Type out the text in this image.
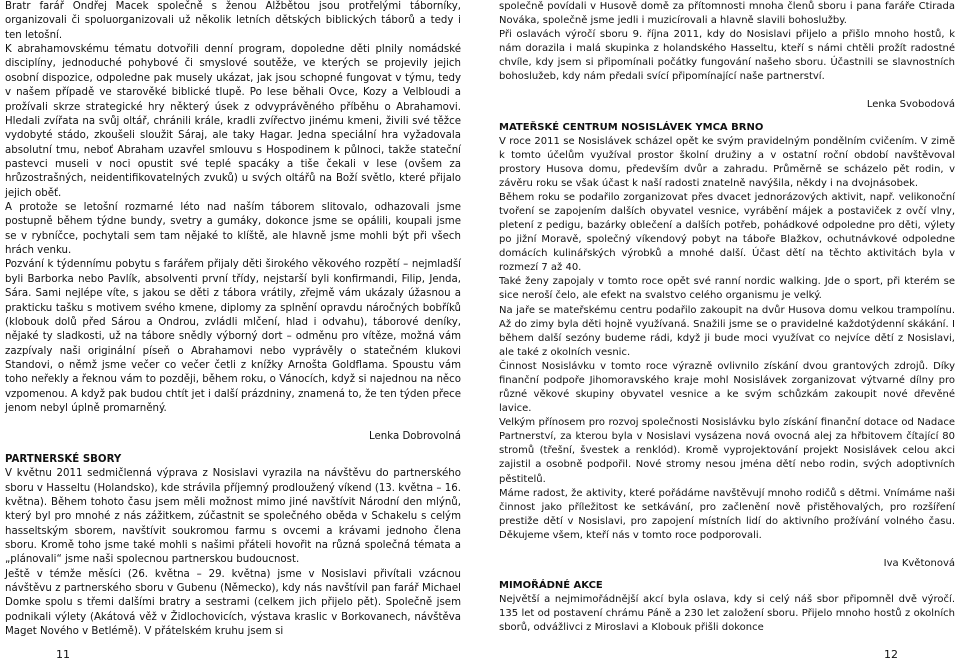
Bratr farář Ondřej Macek společně s ženou Alžbětou jsou protřelými táborníky, organizovali či spoluorganizovali už několik letních dětských biblických táborů a tedy i ten letošní.

K abrahamovskému tématu dotvořili denní program, dopoledne děti plnily nomádské disciplíny, jednoduché pohybové či smyslové soutěže, ve kterých se projevily jejich osobní dispozice, odpoledne pak musely ukázat, jak jsou schopné fungovat v týmu, tedy v našem případě ve starověké biblické tlupě. Po lese běhali Ovce, Kozy a Velbloudi a prožívali skrze strategické hry některý úsek z odvyprávěného příběhu o Abrahamovi. Hledali zvířata na svůj oltář, chránili krále, kradli zvířectvo jinému kmeni, živili své těžce vydobyté stádo, zkoušeli sloužit Sáraj, ale taky Hagar. Jedna speciální hra vyžadovala absolutní tmu, neboť Abraham uzavřel smlouvu s Hospodinem k půlnoci, takže stateční pastevci museli v noci opustit své teplé spacáky a tiše čekali v lese (ovšem za hrůzostrašných, neidentifikovatelných zvuků) u svých oltářů na Boží světlo, které přijalo jejich oběť.

A protože se letošní rozmarné léto nad naším táborem slitovalo, odhazovali jsme postupně během týdne bundy, svetry a gumáky, dokonce jsme se opálili, koupali jsme se v rybníčce, pochytali sem tam nějaké to klíště, ale hlavně jsme mohli být při všech hrách venku.

Pozvání k týdennímu pobytu s farářem přijaly děti širokého věkového rozpětí – nejmladší byli Barborka nebo Pavlík, absolventi první třídy, nejstarší byli konfirmandi, Filip, Jenda, Sára. Sami nejlépe víte, s jakou se děti z tábora vrátily, zřejmě vám ukázaly úžasnou a prakticku tašku s motivem svého kmene, diplomy za splnění opravdu náročných bobříků (klobouk dolů před Sárou a Ondrou, zvládli mlčení, hlad i odvahu), táborové deníky, nějaké ty sladkosti, už na tábore snědly výborný dort – odměnu pro vítěze, možná vám zazpívaly naši originální píseň o Abrahamovi nebo vyprávěly o statečném klukovi Standovi, o němž jsme večer co večer četli z knížky Arnošta Goldflama. Spoustu vám toho neřekly a řeknou vám to později, během roku, o Vánocích, když si najednou na něco vzpomenou. A když pak budou chtít jet i další prázdniny, znamená to, že ten týden přece jenom nebyl úplně promarněný.

Lenka Dobrovolná

PARTNERSKÉ SBORY

V květnu 2011 sedmičlenná výprava z Nosislavi vyrazila na návštěvu do partnerského sboru v Hasseltu (Holandsko), kde strávila příjemný prodloužený víkend (13. května – 16. května). Během tohoto času jsem měli možnost mimo jiné navštívit Národní den mlýnů, který byl pro mnohé z nás zážitkem, zúčastnit se společného oběda v Schakelu s celým hasseltským sborem, navštívit soukromou farmu s ovcemi a krávami jednoho člena sboru. Kromě toho jsme také mohli s našimi přáteli hovořit na různá společná témata a „plánovali“ jsme naši spolecnou partnerskou budoucnost.

Ještě v témže měsíci (26. května – 29. května) jsme v Nosislavi přivítali vzácnou návštěvu z partnerského sboru v Gubenu (Německo), kdy nás navštívil pan farář Michael Domke spolu s třemi dalšími bratry a sestrami (celkem jich přijelo pět). Společně jsem podnikali výlety (Akátová věž v Židlochovicích, výstava kraslic v Borkovanech, návštěva Maget Nového v Betlémě). V přátelském kruhu jsem si

společně povídali v Husově domě za přítomnosti mnoha členů sboru i pana faráře Ctirada Nováka, společně jsme jedli i muzicírovali a hlavně slavili bohoslužby.

Při oslavách výročí sboru 9. října 2011, kdy do Nosislavi přijelo a přišlo mnoho hostů, k nám dorazila i malá skupinka z holandského Hasseltu, kteří s námi chtěli prožít radostné chvíle, kdy jsem si připomínali počátky fungování našeho sboru. Účastnili se slavnostních bohoslužeb, kdy nám předali svící připomínající naše partnerství.

Lenka Svobodová

MATEŘSKÉ CENTRUM NOSISLÁVEK YMCA BRNO

V roce 2011 se Nosislávek scházel opět ke svým pravidelným pondělním cvičením. V zimě k tomto účelům využíval prostor školní družiny a v ostatní roční období navštěvoval prostory Husova domu, především dvůr a zahradu. Průměrně se scházelo pět rodin, v závěru roku se však účast k naší radosti znatelně navýšila, někdy i na dvojnásobek.

Během roku se podařilo zorganizovat přes dvacet jednorázových aktivit, např. velikonoční tvoření se zapojením dalších obyvatel vesnice, vyrábění májek a postaviček z ovčí vlny, pletení z pedigu, bazárky oblečení a dalších potřeb, pohádkové odpoledne pro děti, výlety po jižní Moravě, společný víkendový pobyt na táboře Blažkov, ochutnávkové odpoledne domácích kulinářských výrobků a mnohé další. Účast dětí na těchto aktivitách byla v rozmezí 7 až 40.

Také ženy zapojaly v tomto roce opět své ranní nordic walking. Jde o sport, při kterém se sice neroší čelo, ale efekt na svalstvo celého organismu je velký.

Na jaře se mateřskému centru podařilo zakoupit na dvůr Husova domu velkou trampolínu. Až do zimy byla děti hojně využívaná. Snažili jsme se o pravidelné každotýdenní skákání. I během další sezóny budeme rádi, když ji bude moci využívat co nejvíce dětí z Nosislavi, ale také z okolních vesnic.

Činnost Nosislávku v tomto roce výrazně ovlivnilo získání dvou grantových zdrojů. Díky finanční podpoře Jihomoravského kraje mohl Nosislávek zorganizovat výtvarné dílny pro různé věkové skupiny obyvatel vesnice a ke svým schůzkám zakoupit nové dřevěné lavice.

Velkým přínosem pro rozvoj společnosti Nosislávku bylo získání finanční dotace od Nadace Partnerství, za kterou byla v Nosislavi vysázena nová ovocná alej za hřbitovem čítající 80 stromů (třešní, švestek a renklód). Kromě vyprojektování projekt Nosislávek celou akci zajistil a osobně podpořil. Nové stromy nesou jména dětí nebo rodin, svých adoptivních pěstitelů.

Máme radost, že aktivity, které pořádáme navštěvují mnoho rodičů s dětmi. Vnímáme naši činnost jako příležitost ke setkávání, pro začlenění nově přistěhovalých, pro rozšíření prestiže dětí v Nosislavi, pro zapojení místních lidí do aktivního prožívání volného času. Děkujeme všem, kteří nás v tomto roce podporovali.

Iva Květonová

MIMOŘÁDNÉ AKCE

Největší a nejmimořádnější akcí byla oslava, kdy si celý náš sbor připomněl dvě výročí. 135 let od postavení chrámu Páně a 230 let založení sboru. Přijelo mnoho hostů z okolních sborů, odvážlivci z Miroslavi a Klobouk přišli dokonce

11	12
